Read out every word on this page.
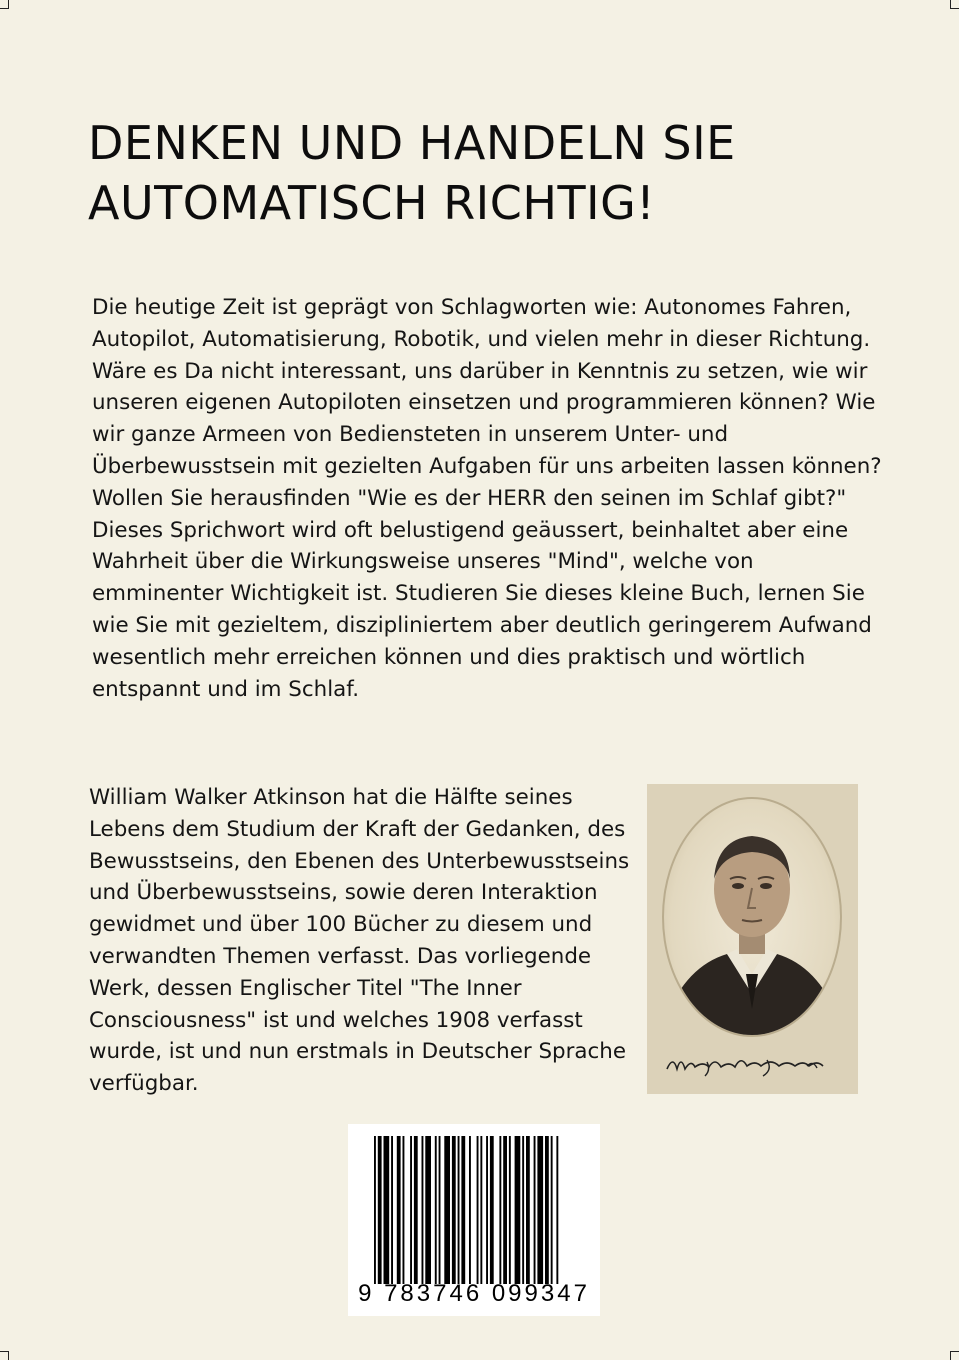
DENKEN UND HANDELN SIE AUTOMATISCH RICHTIG!

Die heutige Zeit ist geprägt von Schlagworten wie: Autonomes Fahren, Autopilot, Automatisierung, Robotik, und vielen mehr in dieser Richtung. Wäre es Da nicht interessant, uns darüber in Kenntnis zu setzen, wie wir unseren eigenen Autopiloten einsetzen und programmieren können? Wie wir ganze Armeen von Bediensteten in unserem Unter- und Überbewusstsein mit gezielten Aufgaben für uns arbeiten lassen können? Wollen Sie herausfinden "Wie es der HERR den seinen im Schlaf gibt?" Dieses Sprichwort wird oft belustigend geäussert, beinhaltet aber eine Wahrheit über die Wirkungsweise unseres "Mind", welche von emminenter Wichtigkeit ist. Studieren Sie dieses kleine Buch, lernen Sie wie Sie mit gezieltem, diszipliniertem aber deutlich geringerem Aufwand wesentlich mehr erreichen können und dies praktisch und wörtlich entspannt und im Schlaf.

William Walker Atkinson hat die Hälfte seines Lebens dem Studium der Kraft der Gedanken, des Bewusstseins, den Ebenen des Unterbewusstseins und Überbewusstseins, sowie deren Interaktion gewidmet und über 100 Bücher zu diesem und verwandten Themen verfasst. Das vorliegende Werk, dessen Englischer Titel "The Inner Consciousness" ist und welches 1908 verfasst wurde, ist und nun erstmals in Deutscher Sprache verfügbar.

9 783746 099347
